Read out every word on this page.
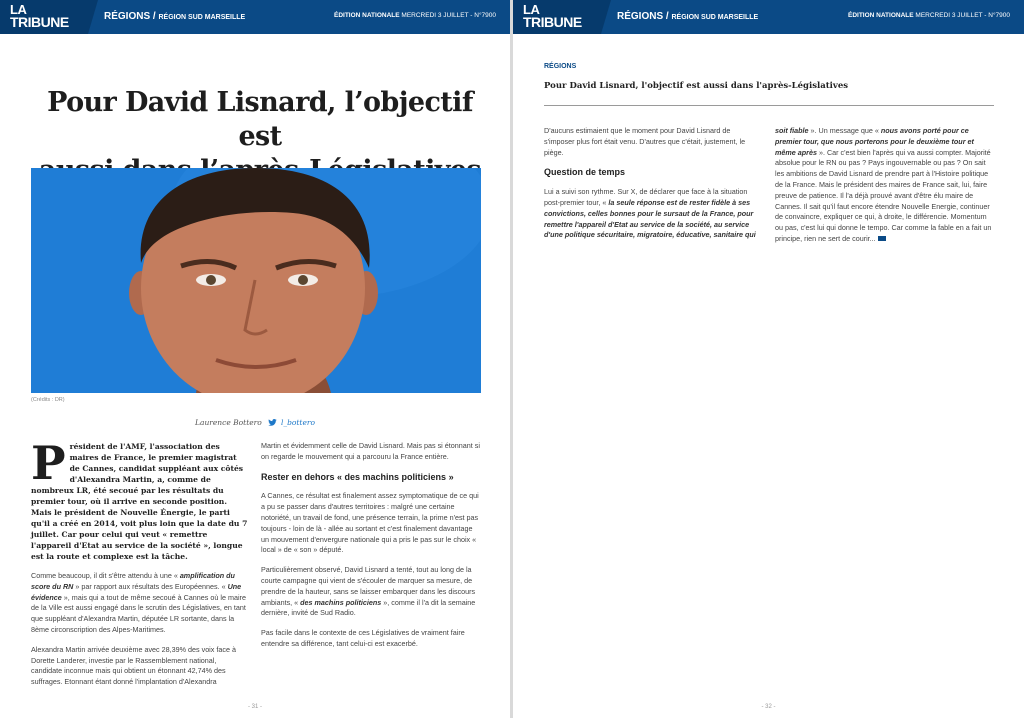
LA
TRIBUNE	RÉGIONS / RÉGION SUD MARSEILLE	ÉDITION NATIONALE MERCREDI 3 JUILLET - N°7900
Pour David Lisnard, l’objectif est

(Crédits : DR)
Laurence Bottero	l_bottero

Président de l'AMF, l'association des maires de France, le premier magistrat de Cannes, candidat suppléant aux côtés d'Alexandra Martin, a, comme de nombreux LR, été secoué par les résultats du premier tour, où il arrive en seconde position. Mais le président de Nouvelle Énergie, le parti qu'il a créé en 2014, voit plus loin que la date du 7 juillet. Car pour celui qui veut « remettre l'appareil d'Etat au service de la société », longue est la route et complexe est la tâche.

Comme beaucoup, il dit s'être attendu à une « amplification du score du RN » par rapport aux résultats des Européennes. « Une évidence », mais qui a tout de même secoué à Cannes où le maire de la Ville est aussi engagé dans le scrutin des Législatives, en tant que suppléant d'Alexandra Martin, députée LR sortante, dans la 8ème circonscription des Alpes-Maritimes.

Alexandra Martin arrivée deuxième avec 28,39% des voix face à Dorette Landerer, investie par le Rassemblement national, candidate inconnue mais qui obtient un étonnant 42,74% des suffrages. Etonnant étant donné l'implantation d'Alexandra

Martin et évidemment celle de David Lisnard. Mais pas si étonnant si on regarde le mouvement qui a parcouru la France entière.

Rester en dehors « des machins politiciens »

A Cannes, ce résultat est finalement assez symptomatique de ce qui a pu se passer dans d'autres territoires : malgré une certaine notoriété, un travail de fond, une présence terrain, la prime n'est pas toujours - loin de là - allée au sortant et c'est finalement davantage un mouvement d'envergure nationale qui a pris le pas sur le choix « local » de « son » député.

Particulièrement observé, David Lisnard a tenté, tout au long de la courte campagne qui vient de s'écouler de marquer sa mesure, de prendre de la hauteur, sans se laisser embarquer dans les discours ambiants, « des machins politiciens », comme il l'a dit la semaine dernière, invité de Sud Radio.

Pas facile dans le contexte de ces Législatives de vraiment faire entendre sa différence, tant celui-ci est exacerbé.

- 31 -
LA
TRIBUNE	RÉGIONS / RÉGION SUD MARSEILLE	ÉDITION NATIONALE MERCREDI 3 JUILLET - N°7900
RÉGIONS
Pour David Lisnard, l'objectif est aussi dans l'après-Législatives

D'aucuns estimaient que le moment pour David Lisnard de s'imposer plus fort était venu. D'autres que c'était, justement, le piège.

Question de temps

Lui a suivi son rythme. Sur X, de déclarer que face à la situation post-premier tour, « la seule réponse est de rester fidèle à ses convictions, celles bonnes pour le sursaut de la France, pour remettre l'appareil d'Etat au service de la société, au service d'une politique sécuritaire, migratoire, éducative, sanitaire qui

soit fiable ». Un message que « nous avons porté pour ce premier tour, que nous porterons pour le deuxième tour et même après ». Car c'est bien l'après qui va aussi compter. Majorité absolue pour le RN ou pas ? Pays ingouvernable ou pas ? On sait les ambitions de David Lisnard de prendre part à l'Histoire politique de la France. Mais le président des maires de France sait, lui, faire preuve de patience. Il l'a déjà prouvé avant d'être élu maire de Cannes. Il sait qu'il faut encore étendre Nouvelle Energie, continuer de convaincre, expliquer ce qui, à droite, le différencie. Momentum ou pas, c'est lui qui donne le tempo. Car comme la fable en a fait un principe, rien ne sert de courir...

- 32 -
